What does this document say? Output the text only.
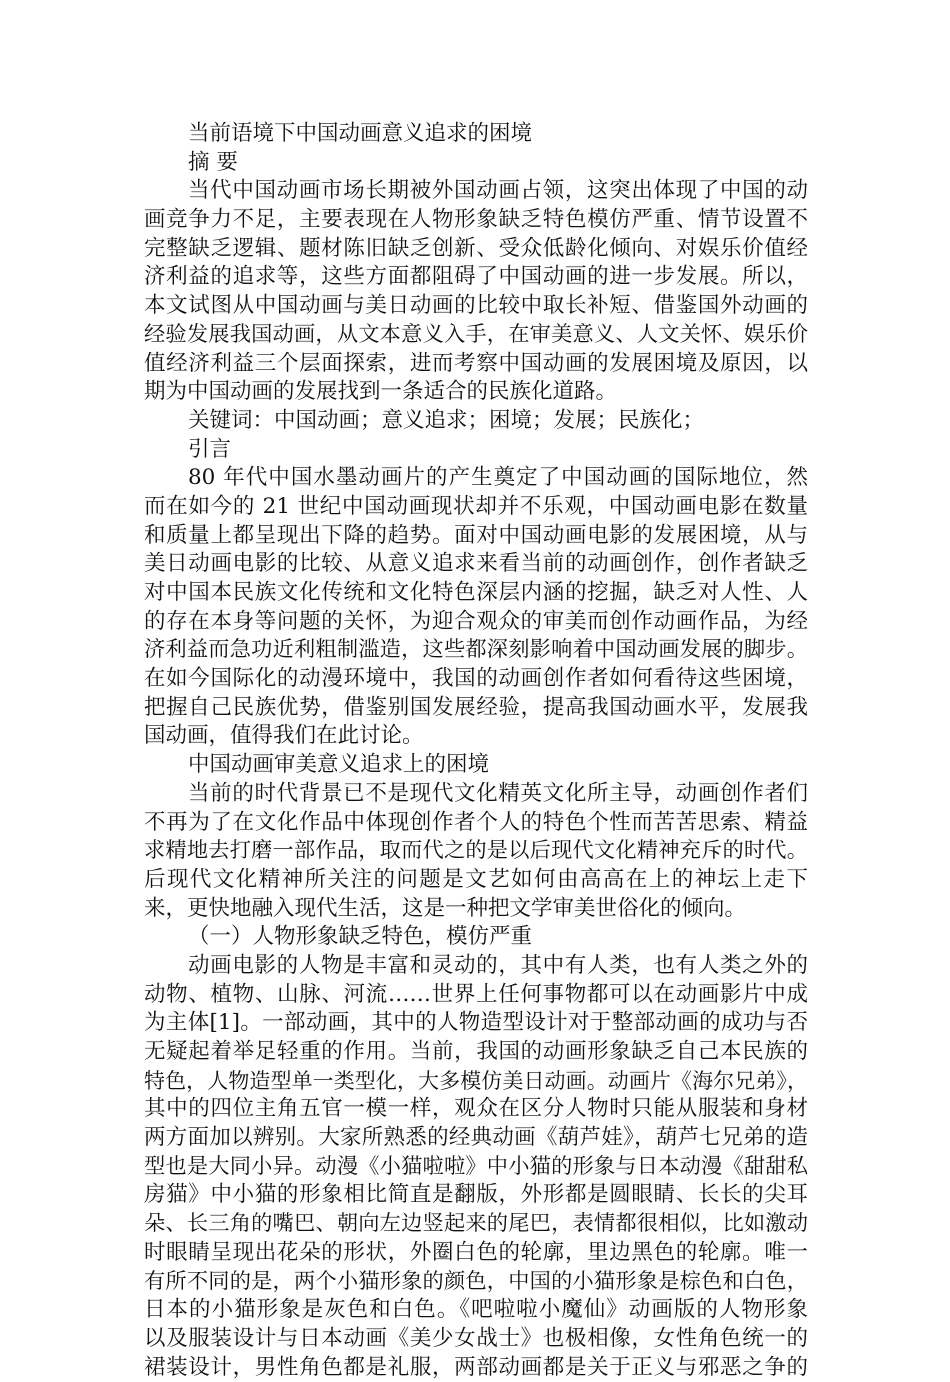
当前语境下中国动画意义追求的困境
摘 要
当代中国动画市场长期被外国动画占领，这突出体现了中国的动
画竞争力不足，主要表现在人物形象缺乏特色模仿严重、情节设置不
完整缺乏逻辑、题材陈旧缺乏创新、受众低龄化倾向、对娱乐价值经
济利益的追求等，这些方面都阻碍了中国动画的进一步发展。所以，
本文试图从中国动画与美日动画的比较中取长补短、借鉴国外动画的
经验发展我国动画，从文本意义入手，在审美意义、人文关怀、娱乐价
值经济利益三个层面探索，进而考察中国动画的发展困境及原因，以
期为中国动画的发展找到一条适合的民族化道路。
关键词：中国动画；意义追求；困境；发展；民族化；
引言
80 年代中国水墨动画片的产生奠定了中国动画的国际地位，然
而在如今的 21 世纪中国动画现状却并不乐观，中国动画电影在数量
和质量上都呈现出下降的趋势。面对中国动画电影的发展困境，从与
美日动画电影的比较、从意义追求来看当前的动画创作，创作者缺乏
对中国本民族文化传统和文化特色深层内涵的挖掘，缺乏对人性、人
的存在本身等问题的关怀，为迎合观众的审美而创作动画作品，为经
济利益而急功近利粗制滥造，这些都深刻影响着中国动画发展的脚步。
在如今国际化的动漫环境中，我国的动画创作者如何看待这些困境，
把握自己民族优势，借鉴别国发展经验，提高我国动画水平，发展我
国动画，值得我们在此讨论。
中国动画审美意义追求上的困境
当前的时代背景已不是现代文化精英文化所主导，动画创作者们
不再为了在文化作品中体现创作者个人的特色个性而苦苦思索、精益
求精地去打磨一部作品，取而代之的是以后现代文化精神充斥的时代。
后现代文化精神所关注的问题是文艺如何由高高在上的神坛上走下
来，更快地融入现代生活，这是一种把文学审美世俗化的倾向。
（一）人物形象缺乏特色，模仿严重
动画电影的人物是丰富和灵动的，其中有人类，也有人类之外的
动物、植物、山脉、河流……世界上任何事物都可以在动画影片中成
为主体[1]。一部动画，其中的人物造型设计对于整部动画的成功与否
无疑起着举足轻重的作用。当前，我国的动画形象缺乏自己本民族的
特色，人物造型单一类型化，大多模仿美日动画。动画片《海尔兄弟》，
其中的四位主角五官一模一样，观众在区分人物时只能从服装和身材
两方面加以辨别。大家所熟悉的经典动画《葫芦娃》，葫芦七兄弟的造
型也是大同小异。动漫《小猫啦啦》中小猫的形象与日本动漫《甜甜私
房猫》中小猫的形象相比简直是翻版，外形都是圆眼睛、长长的尖耳
朵、长三角的嘴巴、朝向左边竖起来的尾巴，表情都很相似，比如激动
时眼睛呈现出花朵的形状，外圈白色的轮廓，里边黑色的轮廓。唯一
有所不同的是，两个小猫形象的颜色，中国的小猫形象是棕色和白色，
日本的小猫形象是灰色和白色。《吧啦啦小魔仙》动画版的人物形象
以及服装设计与日本动画《美少女战士》也极相像，女性角色统一的
裙装设计，男性角色都是礼服，两部动画都是关于正义与邪恶之争的
